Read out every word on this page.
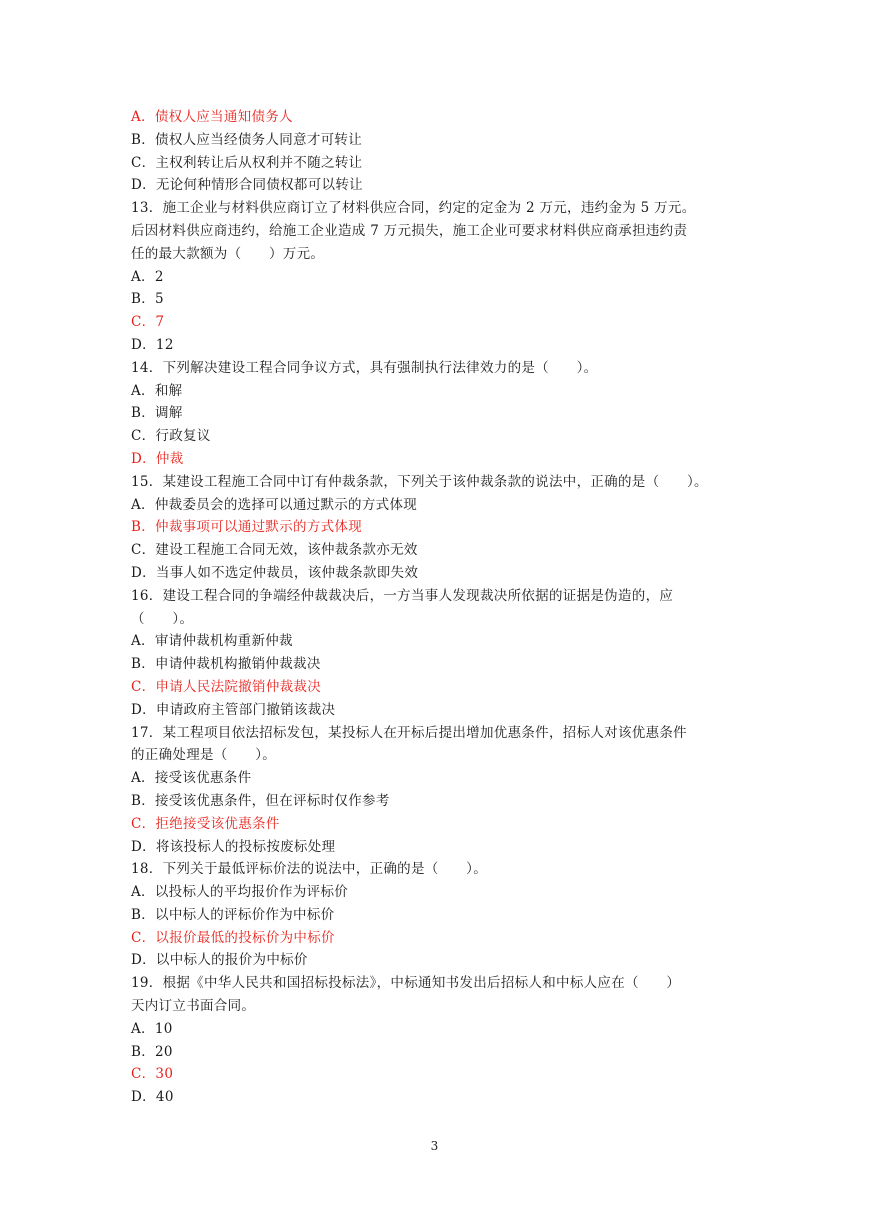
A．债权人应当通知债务人
B．债权人应当经债务人同意才可转让
C．主权利转让后从权利并不随之转让
D．无论何种情形合同债权都可以转让
13．施工企业与材料供应商订立了材料供应合同，约定的定金为 2 万元，违约金为 5 万元。
后因材料供应商违约，给施工企业造成 7 万元损失，施工企业可要求材料供应商承担违约责
任的最大款额为（　　）万元。
A．2
B．5
C．7
D．12
14．下列解决建设工程合同争议方式，具有强制执行法律效力的是（　　）。
A．和解
B．调解
C．行政复议
D．仲裁
15．某建设工程施工合同中订有仲裁条款，下列关于该仲裁条款的说法中，正确的是（　　）。
A．仲裁委员会的选择可以通过默示的方式体现
B．仲裁事项可以通过默示的方式体现
C．建设工程施工合同无效，该仲裁条款亦无效
D．当事人如不选定仲裁员，该仲裁条款即失效
16．建设工程合同的争端经仲裁裁决后，一方当事人发现裁决所依据的证据是伪造的，应
（　　）。
A．审请仲裁机构重新仲裁
B．申请仲裁机构撤销仲裁裁决
C．申请人民法院撤销仲裁裁决
D．申请政府主管部门撤销该裁决
17．某工程项目依法招标发包，某投标人在开标后提出增加优惠条件，招标人对该优惠条件
的正确处理是（　　）。
A．接受该优惠条件
B．接受该优惠条件，但在评标时仅作参考
C．拒绝接受该优惠条件
D．将该投标人的投标按废标处理
18．下列关于最低评标价法的说法中，正确的是（　　）。
A．以投标人的平均报价作为评标价
B．以中标人的评标价作为中标价
C．以报价最低的投标价为中标价
D．以中标人的报价为中标价
19．根据《中华人民共和国招标投标法》，中标通知书发出后招标人和中标人应在（　　）
天内订立书面合同。
A．10
B．20
C．30
D．40
3
